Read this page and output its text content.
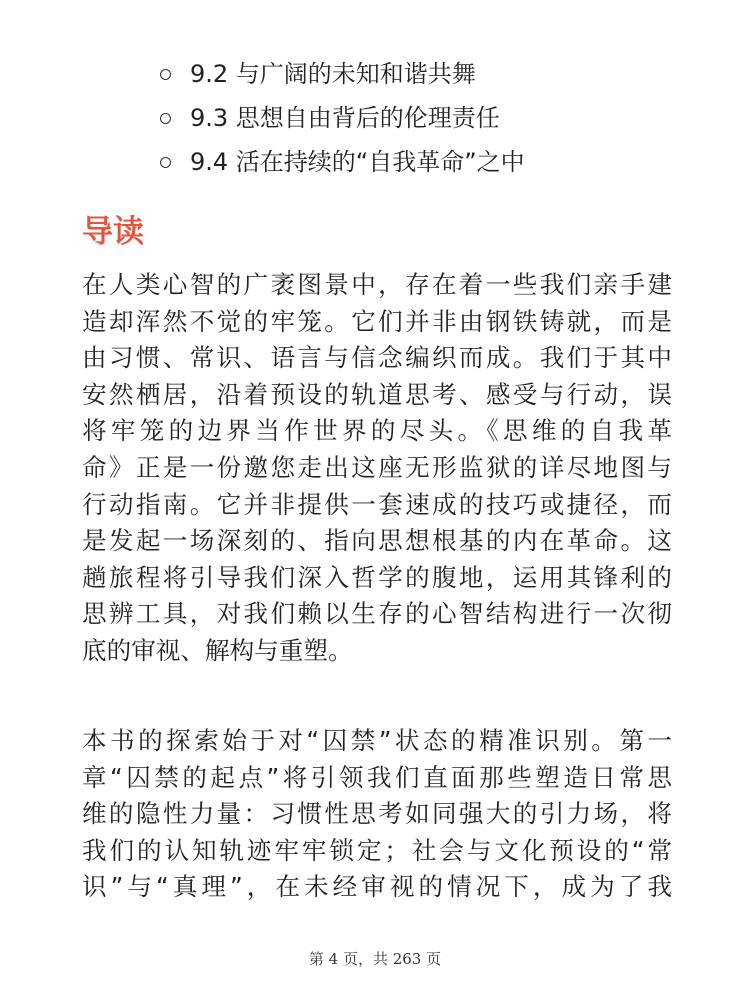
9.2 与广阔的未知和谐共舞
9.3 思想自由背后的伦理责任
9.4 活在持续的“自我革命”之中
导读

在人类心智的广袤图景中，存在着一些我们亲手建
造却浑然不觉的牢笼。它们并非由钢铁铸就，而是
由习惯、常识、语言与信念编织而成。我们于其中
安然栖居，沿着预设的轨道思考、感受与行动，误
将牢笼的边界当作世界的尽头。《思维的自我革
命》正是一份邀您走出这座无形监狱的详尽地图与
行动指南。它并非提供一套速成的技巧或捷径，而
是发起一场深刻的、指向思想根基的内在革命。这
趟旅程将引导我们深入哲学的腹地，运用其锋利的
思辨工具，对我们赖以生存的心智结构进行一次彻
底的审视、解构与重塑。

本书的探索始于对“囚禁”状态的精准识别。第一
章“囚禁的起点”将引领我们直面那些塑造日常思
维的隐性力量：习惯性思考如同强大的引力场，将
我们的认知轨迹牢牢锁定；社会与文化预设的“常
识”与“真理”，在未经审视的情况下，成为了我

第 4 页，共 263 页
